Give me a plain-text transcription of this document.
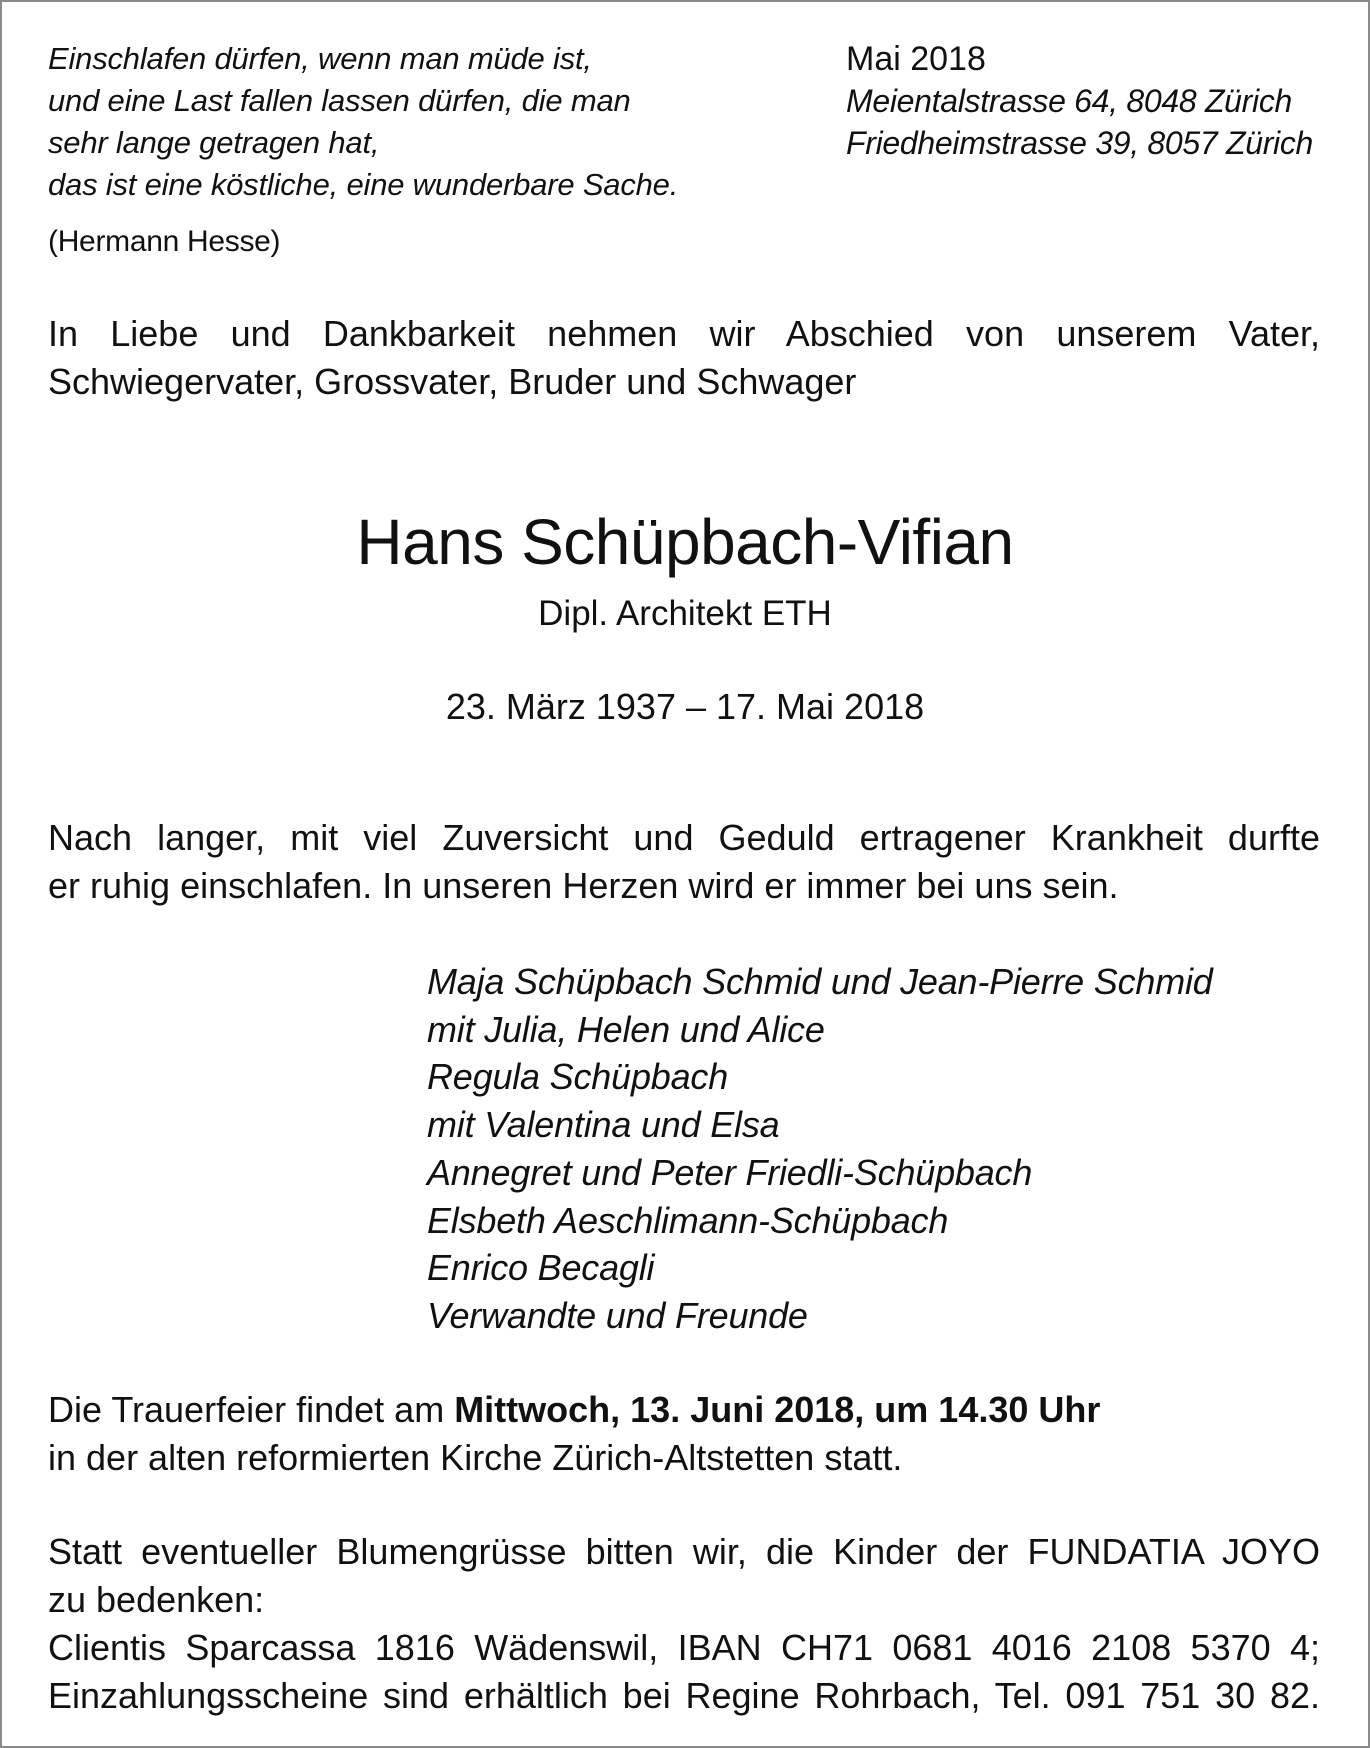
Einschlafen dürfen, wenn man müde ist,
und eine Last fallen lassen dürfen, die man
sehr lange getragen hat,
das ist eine köstliche, eine wunderbare Sache.
(Hermann Hesse)
Mai 2018
Meientalstrasse 64, 8048 Zürich
Friedheimstrasse 39, 8057 Zürich
In Liebe und Dankbarkeit nehmen wir Abschied von unserem Vater,
Schwiegervater, Grossvater, Bruder und Schwager
Hans Schüpbach-Vifian
Dipl. Architekt ETH
23. März 1937 – 17. Mai 2018
Nach langer, mit viel Zuversicht und Geduld ertragener Krankheit durfte
er ruhig einschlafen. In unseren Herzen wird er immer bei uns sein.
Maja Schüpbach Schmid und Jean-Pierre Schmid
mit Julia, Helen und Alice
Regula Schüpbach
mit Valentina und Elsa
Annegret und Peter Friedli-Schüpbach
Elsbeth Aeschlimann-Schüpbach
Enrico Becagli
Verwandte und Freunde
Die Trauerfeier findet am Mittwoch, 13. Juni 2018, um 14.30 Uhr
in der alten reformierten Kirche Zürich-Altstetten statt.
Statt eventueller Blumengrüsse bitten wir, die Kinder der FUNDATIA JOYO
zu bedenken:
Clientis Sparcassa 1816 Wädenswil, IBAN CH71 0681 4016 2108 5370 4;
Einzahlungsscheine sind erhältlich bei Regine Rohrbach, Tel. 091 751 30 82.
